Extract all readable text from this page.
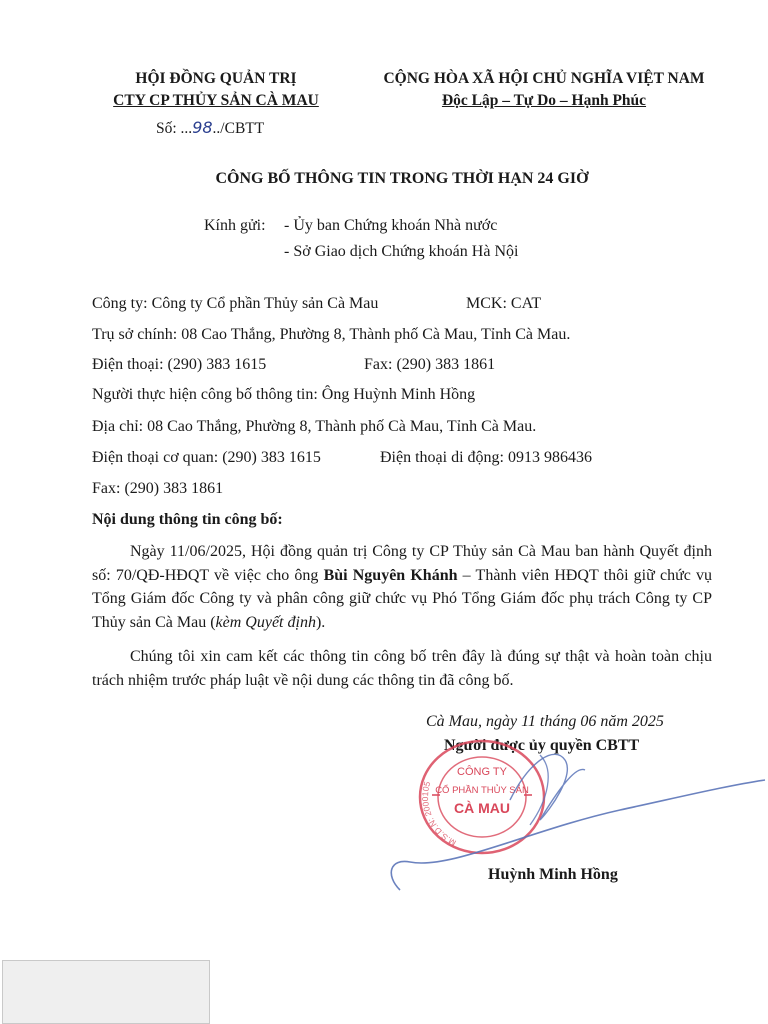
HỘI ĐỒNG QUẢN TRỊ
CTY CP THỦY SẢN CÀ MAU
Số: ...98../CBTT
CỘNG HÒA XÃ HỘI CHỦ NGHĨA VIỆT NAM
Độc Lập – Tự Do – Hạnh Phúc
CÔNG BỐ THÔNG TIN TRONG THỜI HẠN 24 GIỜ
Kính gửi: - Ủy ban Chứng khoán Nhà nước
- Sở Giao dịch Chứng khoán Hà Nội
Công ty: Công ty Cổ phần Thủy sản Cà Mau	MCK: CAT
Trụ sở chính: 08 Cao Thắng, Phường 8, Thành phố Cà Mau, Tỉnh Cà Mau.
Điện thoại: (290) 383 1615	Fax: (290) 383 1861
Người thực hiện công bố thông tin: Ông Huỳnh Minh Hồng
Địa chỉ: 08 Cao Thắng, Phường 8, Thành phố Cà Mau, Tỉnh Cà Mau.
Điện thoại cơ quan: (290) 383 1615	Điện thoại di động: 0913 986436
Fax: (290) 383 1861
Nội dung thông tin công bố:
Ngày 11/06/2025, Hội đồng quản trị Công ty CP Thủy sản Cà Mau ban hành Quyết định số: 70/QĐ-HĐQT về việc cho ông Bùi Nguyên Khánh – Thành viên HĐQT thôi giữ chức vụ Tổng Giám đốc Công ty và phân công giữ chức vụ Phó Tổng Giám đốc phụ trách Công ty CP Thủy sản Cà Mau (kèm Quyết định).
Chúng tôi xin cam kết các thông tin công bố trên đây là đúng sự thật và hoàn toàn chịu trách nhiệm trước pháp luật về nội dung các thông tin đã công bố.
Cà Mau, ngày 11 tháng 06 năm 2025
Người được ủy quyền CBTT
M.S.D.N: 2000105
CÔNG TY
CỔ PHẦN THỦY SẢN
CÀ MAU
Huỳnh Minh Hồng
